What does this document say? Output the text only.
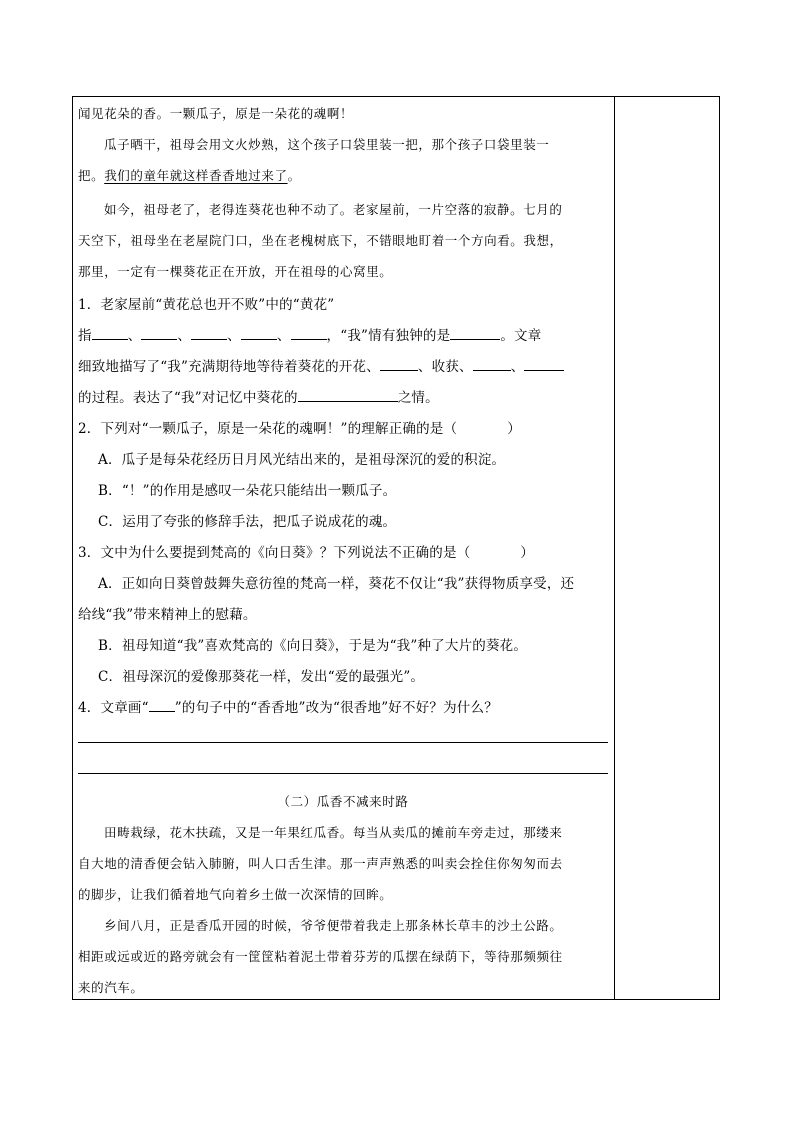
闻见花朵的香。一颗瓜子，原是一朵花的魂啊！
瓜子晒干，祖母会用文火炒熟，这个孩子口袋里装一把，那个孩子口袋里装一
把。我们的童年就这样香香地过来了。
如今，祖母老了，老得连葵花也种不动了。老家屋前，一片空落的寂静。七月的
天空下，祖母坐在老屋院门口，坐在老槐树底下，不错眼地盯着一个方向看。我想，
那里，一定有一棵葵花正在开放，开在祖母的心窝里。
1．老家屋前“黄花总也开不败”中的“黄花”
指	、	、	、	、	，“我”情有独钟的是	。文章
细致地描写了“我”充满期待地等待着葵花的开花、	、收获、	、
的过程。表达了“我”对记忆中葵花的	之情。
2．下列对“一颗瓜子，原是一朵花的魂啊！”的理解正确的是（	）
A．瓜子是每朵花经历日月风光结出来的，是祖母深沉的爱的积淀。
B．“！”的作用是感叹一朵花只能结出一颗瓜子。
C．运用了夸张的修辞手法，把瓜子说成花的魂。
3．文中为什么要提到梵高的《向日葵》？下列说法不正确的是（	）
A．正如向日葵曾鼓舞失意彷徨的梵高一样，葵花不仅让“我”获得物质享受，还
给线“我”带来精神上的慰藉。
B．祖母知道“我”喜欢梵高的《向日葵》，于是为“我”种了大片的葵花。
C．祖母深沉的爱像那葵花一样，发出“爱的最强光”。
4．文章画“ ”的句子中的“香香地”改为“很香地”好不好？为什么？
（二）瓜香不减来时路
田畴栽绿，花木扶疏，又是一年果红瓜香。每当从卖瓜的摊前车旁走过，那缕来
自大地的清香便会钻入肺腑，叫人口舌生津。那一声声熟悉的叫卖会拴住你匆匆而去
的脚步，让我们循着地气向着乡土做一次深情的回眸。
乡间八月，正是香瓜开园的时候，爷爷便带着我走上那条林长草丰的沙土公路。
相距或远或近的路旁就会有一筐筐粘着泥土带着芬芳的瓜摆在绿荫下，等待那频频往
来的汽车。
